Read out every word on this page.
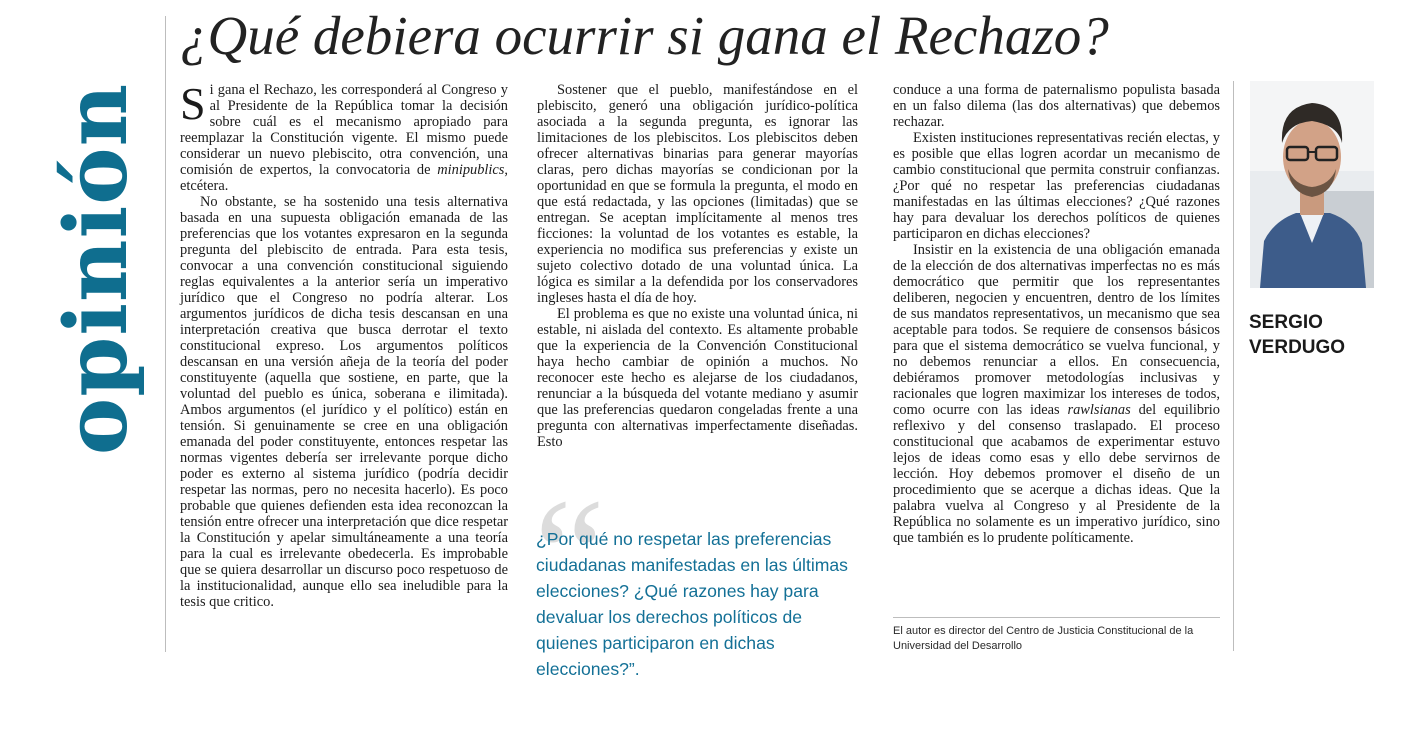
opinión
¿Qué debiera ocurrir si gana el Rechazo?

Si gana el Rechazo, les corresponderá al Congreso y al Presidente de la República tomar la decisión sobre cuál es el mecanismo apropiado para reemplazar la Constitución vigente. El mismo puede considerar un nuevo plebiscito, otra convención, una comisión de expertos, la convocatoria de minipublics, etcétera.

No obstante, se ha sostenido una tesis alternativa basada en una supuesta obligación emanada de las preferencias que los votantes expresaron en la segunda pregunta del plebiscito de entrada. Para esta tesis, convocar a una convención constitucional siguiendo reglas equivalentes a la anterior sería un imperativo jurídico que el Congreso no podría alterar. Los argumentos jurídicos de dicha tesis descansan en una interpretación creativa que busca derrotar el texto constitucional expreso. Los argumentos políticos descansan en una versión añeja de la teoría del poder constituyente (aquella que sostiene, en parte, que la voluntad del pueblo es única, soberana e ilimitada). Ambos argumentos (el jurídico y el político) están en tensión. Si genuinamente se cree en una obligación emanada del poder constituyente, entonces respetar las normas vigentes debería ser irrelevante porque dicho poder es externo al sistema jurídico (podría decidir respetar las normas, pero no necesita hacerlo). Es poco probable que quienes defienden esta idea reconozcan la tensión entre ofrecer una interpretación que dice respetar la Constitución y apelar simultáneamente a una teoría para la cual es irrelevante obedecerla. Es improbable que se quiera desarrollar un discurso poco respetuoso de la institucionalidad, aunque ello sea ineludible para la tesis que critico.

Sostener que el pueblo, manifestándose en el plebiscito, generó una obligación jurídico-política asociada a la segunda pregunta, es ignorar las limitaciones de los plebiscitos. Los plebiscitos deben ofrecer alternativas binarias para generar mayorías claras, pero dichas mayorías se condicionan por la oportunidad en que se formula la pregunta, el modo en que está redactada, y las opciones (limitadas) que se entregan. Se aceptan implícitamente al menos tres ficciones: la voluntad de los votantes es estable, la experiencia no modifica sus preferencias y existe un sujeto colectivo dotado de una voluntad única. La lógica es similar a la defendida por los conservadores ingleses hasta el día de hoy.

El problema es que no existe una voluntad única, ni estable, ni aislada del contexto. Es altamente probable que la experiencia de la Convención Constitucional haya hecho cambiar de opinión a muchos. No reconocer este hecho es alejarse de los ciudadanos, renunciar a la búsqueda del votante mediano y asumir que las preferencias quedaron congeladas frente a una pregunta con alternativas imperfectamente diseñadas. Esto

“

¿Por qué no respetar las preferencias ciudadanas manifestadas en las últimas elecciones? ¿Qué razones hay para devaluar los derechos políticos de quienes participaron en dichas elecciones?”.

conduce a una forma de paternalismo populista basada en un falso dilema (las dos alternativas) que debemos rechazar.

Existen instituciones representativas recién electas, y es posible que ellas logren acordar un mecanismo de cambio constitucional que permita construir confianzas. ¿Por qué no respetar las preferencias ciudadanas manifestadas en las últimas elecciones? ¿Qué razones hay para devaluar los derechos políticos de quienes participaron en dichas elecciones?

Insistir en la existencia de una obligación emanada de la elección de dos alternativas imperfectas no es más democrático que permitir que los representantes deliberen, negocien y encuentren, dentro de los límites de sus mandatos representativos, un mecanismo que sea aceptable para todos. Se requiere de consensos básicos para que el sistema democrático se vuelva funcional, y no debemos renunciar a ellos. En consecuencia, debiéramos promover metodologías inclusivas y racionales que logren maximizar los intereses de todos, como ocurre con las ideas rawlsianas del equilibrio reflexivo y del consenso traslapado. El proceso constitucional que acabamos de experimentar estuvo lejos de ideas como esas y ello debe servirnos de lección. Hoy debemos promover el diseño de un procedimiento que se acerque a dichas ideas. Que la palabra vuelva al Congreso y al Presidente de la República no solamente es un imperativo jurídico, sino que también es lo prudente políticamente.

El autor es director del Centro de Justicia Constitucional de la Universidad del Desarrollo

SERGIO
VERDUGO
